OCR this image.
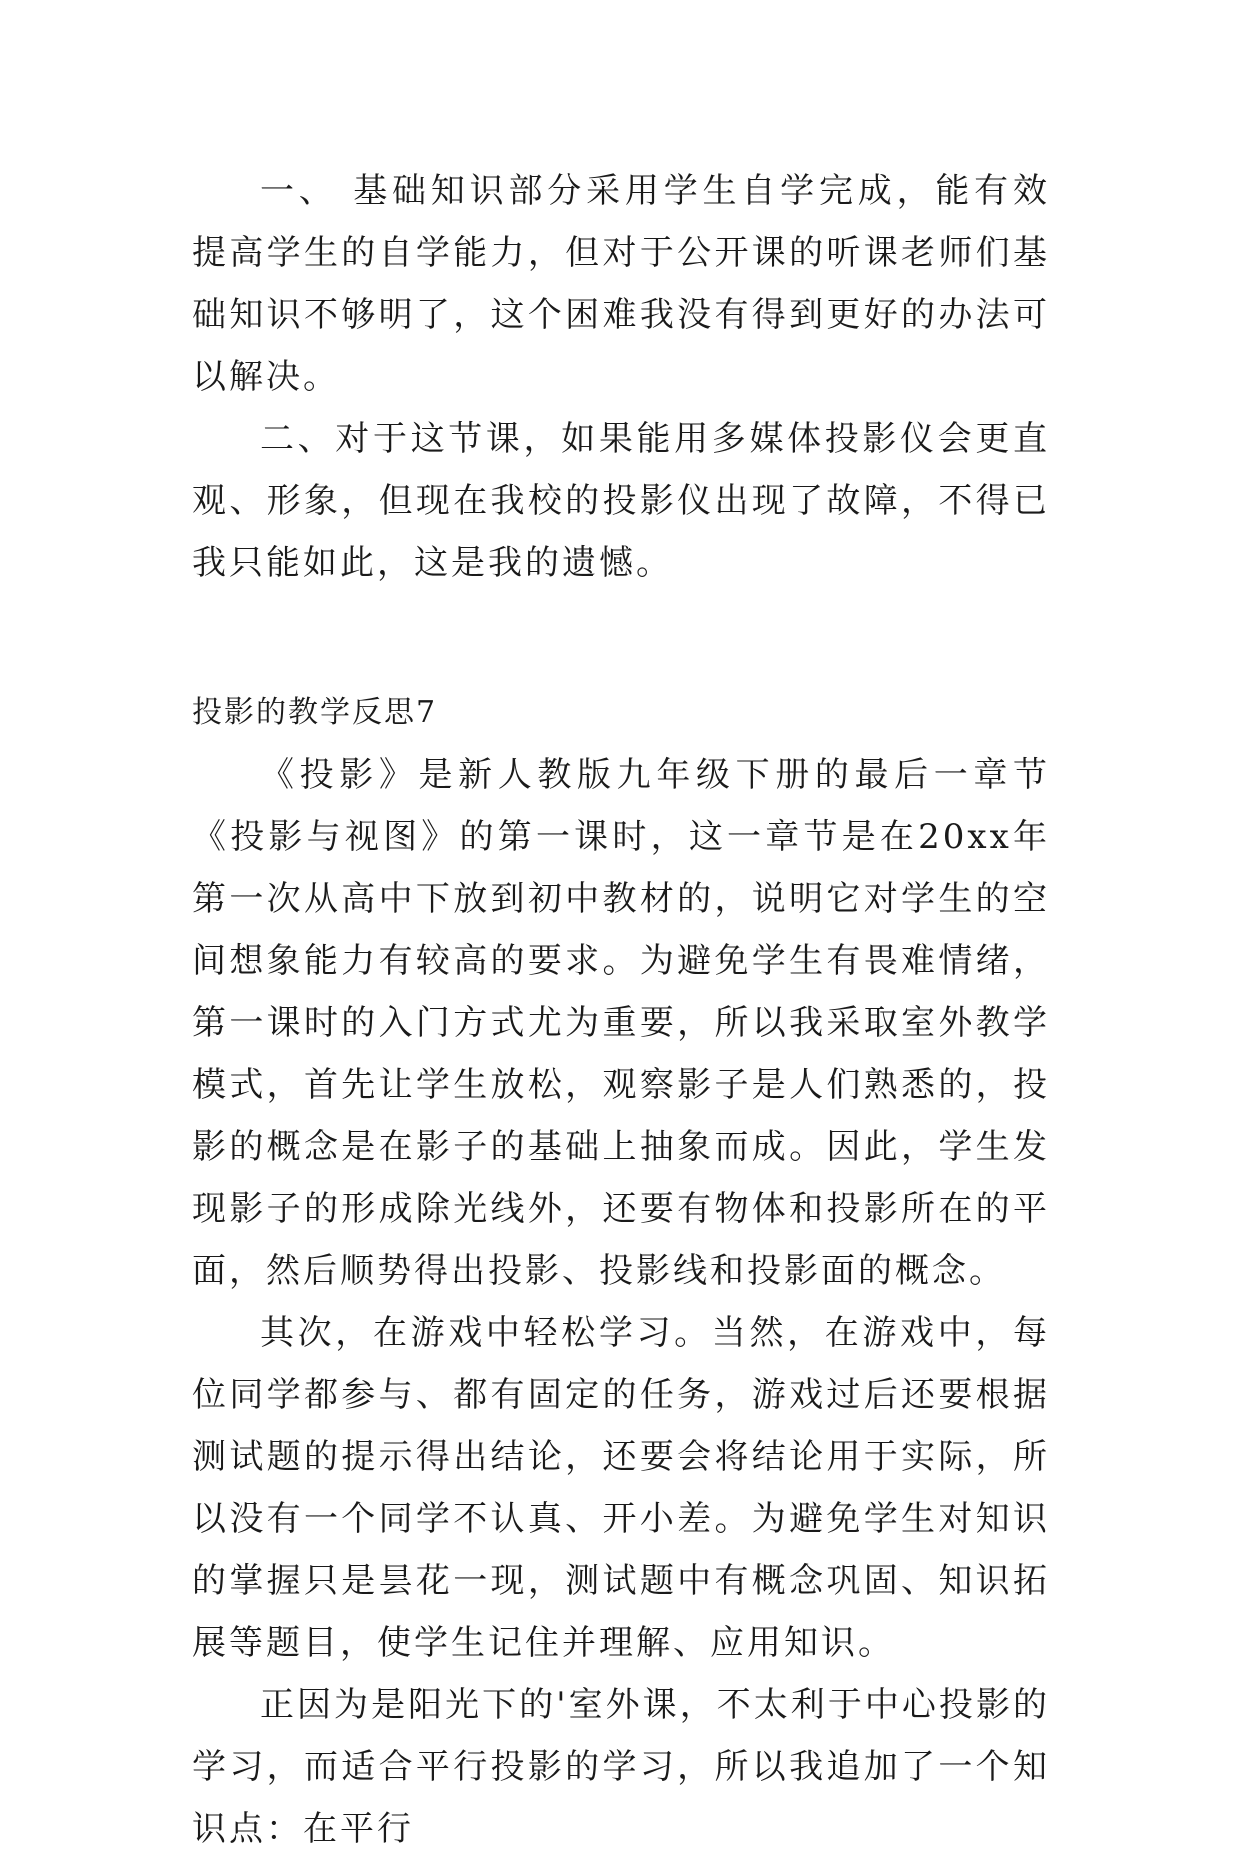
一、 基础知识部分采用学生自学完成，能有效提高学生的自学能力，但对于公开课的听课老师们基础知识不够明了，这个困难我没有得到更好的办法可以解决。

二、对于这节课，如果能用多媒体投影仪会更直观、形象，但现在我校的投影仪出现了故障，不得已我只能如此，这是我的遗憾。

投影的教学反思7

《投影》是新人教版九年级下册的最后一章节《投影与视图》的第一课时，这一章节是在20xx年第一次从高中下放到初中教材的，说明它对学生的空间想象能力有较高的要求。为避免学生有畏难情绪，第一课时的入门方式尤为重要，所以我采取室外教学模式，首先让学生放松，观察影子是人们熟悉的，投影的概念是在影子的基础上抽象而成。因此，学生发现影子的形成除光线外，还要有物体和投影所在的平面，然后顺势得出投影、投影线和投影面的概念。

其次，在游戏中轻松学习。当然，在游戏中，每位同学都参与、都有固定的任务，游戏过后还要根据测试题的提示得出结论，还要会将结论用于实际，所以没有一个同学不认真、开小差。为避免学生对知识的掌握只是昙花一现，测试题中有概念巩固、知识拓展等题目，使学生记住并理解、应用知识。

正因为是阳光下的'室外课，不太利于中心投影的学习，而适合平行投影的学习，所以我追加了一个知识点：在平行
